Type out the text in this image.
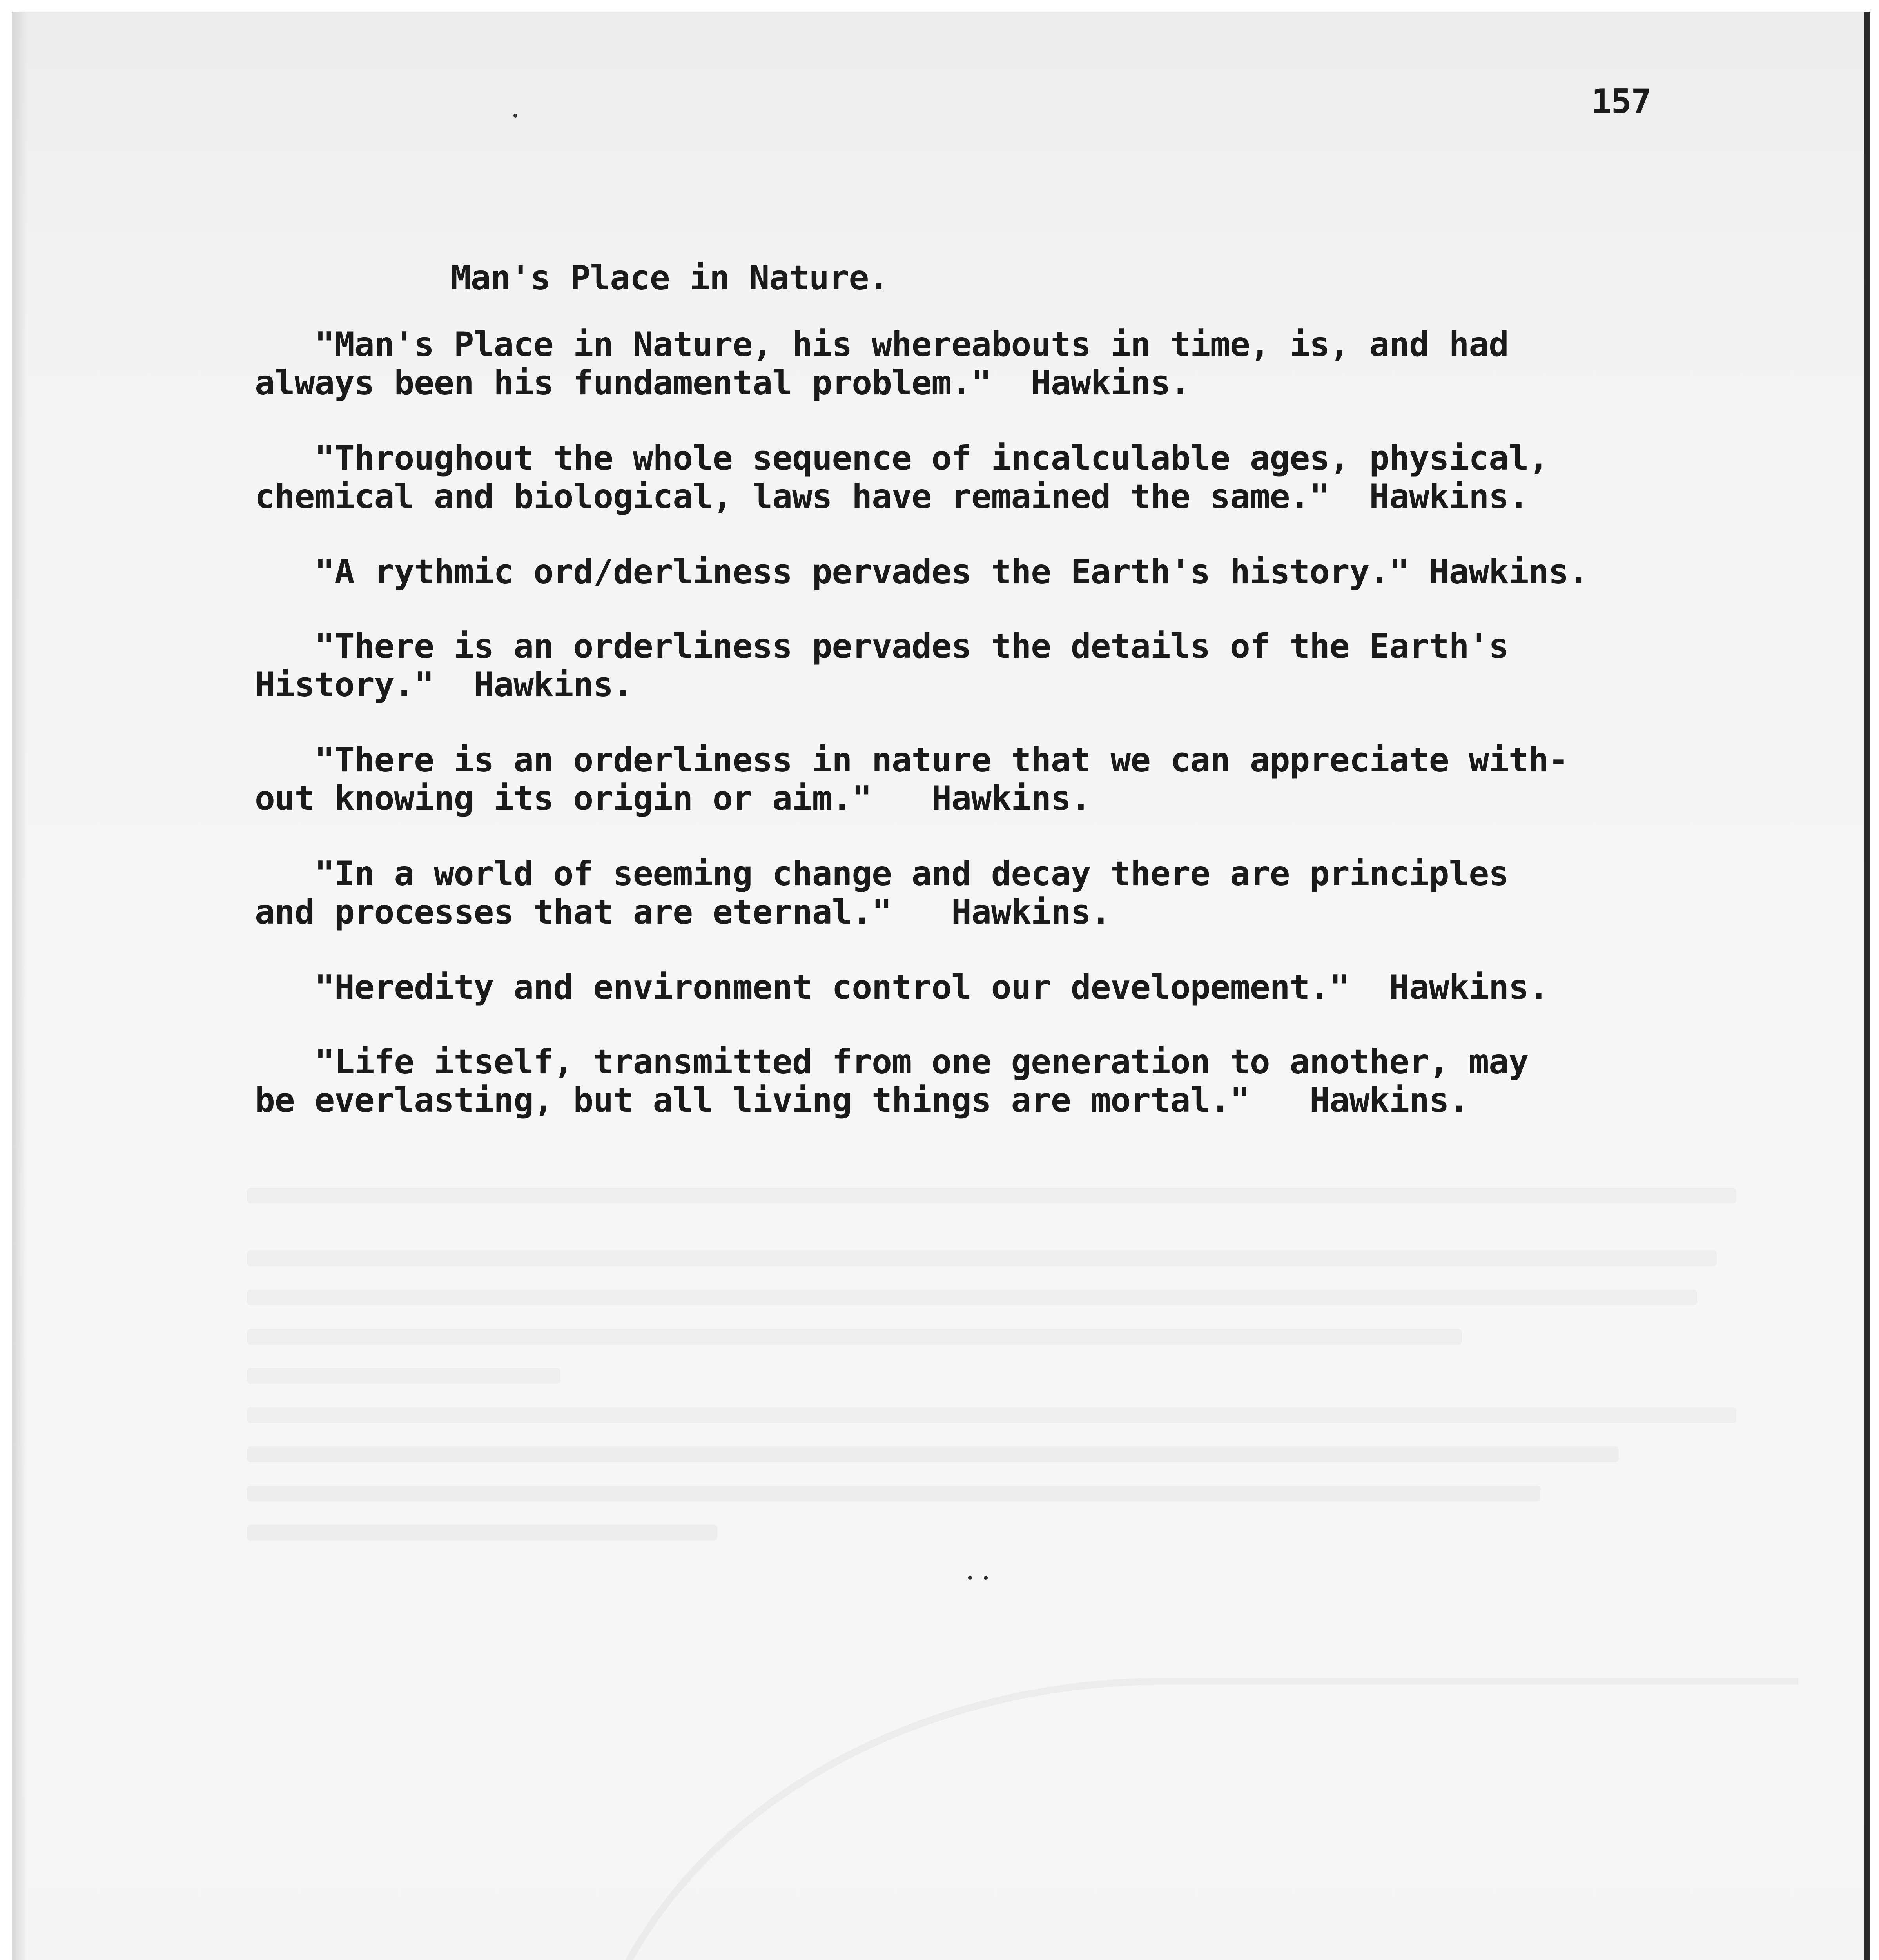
157
Man's Place in Nature.
"Man's Place in Nature, his whereabouts in time, is, and had
always been his fundamental problem."  Hawkins.
"Throughout the whole sequence of incalculable ages, physical,
chemical and biological, laws have remained the same."  Hawkins.
"A rythmic ord/derliness pervades the Earth's history." Hawkins.
"There is an orderliness pervades the details of the Earth's
History."  Hawkins.
"There is an orderliness in nature that we can appreciate with-
out knowing its origin or aim."   Hawkins.
"In a world of seeming change and decay there are principles
and processes that are eternal."   Hawkins.
"Heredity and environment control our developement."  Hawkins.
"Life itself, transmitted from one generation to another, may
be everlasting, but all living things are mortal."   Hawkins.
